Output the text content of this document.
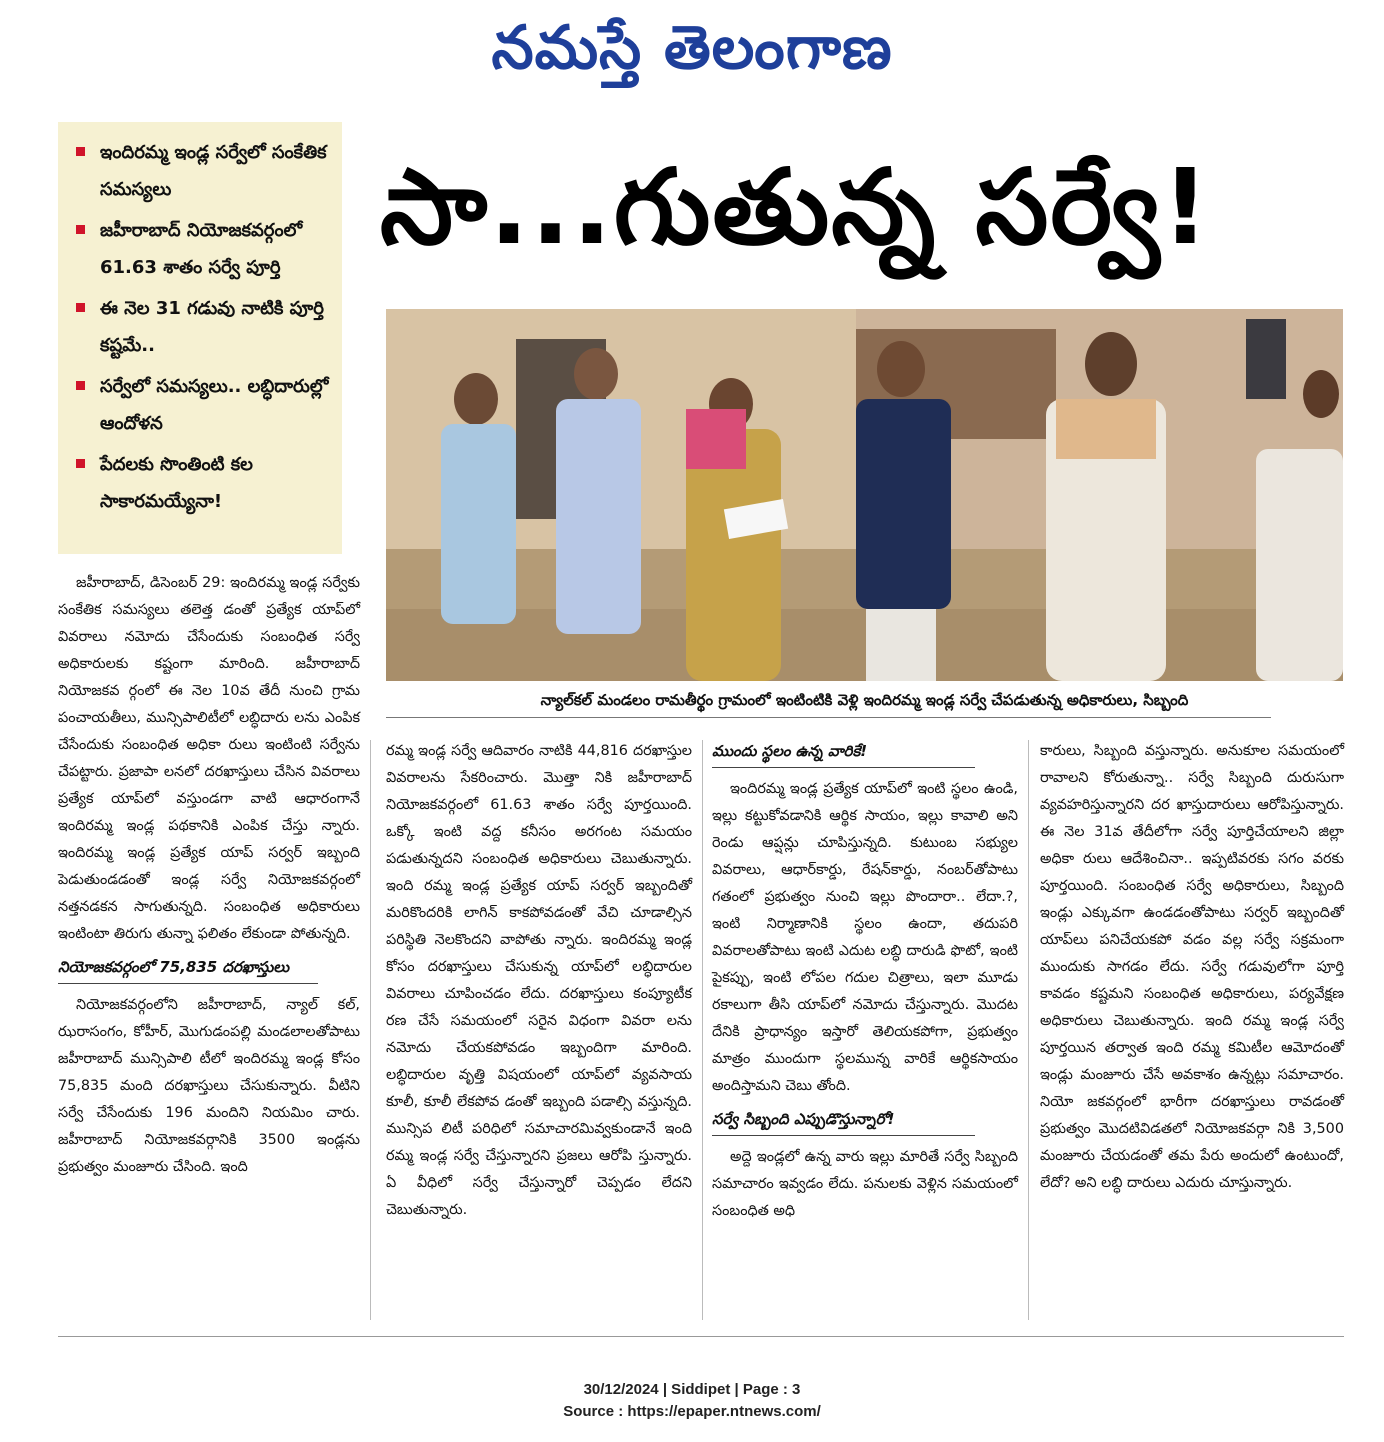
నమస్తే తెలంగాణ
ఇందిరమ్మ ఇండ్ల సర్వేలో సంకేతిక సమస్యలు
జహీరాబాద్ నియోజకవర్గంలో 61.63 శాతం సర్వే పూర్తి
ఈ నెల 31 గడువు నాటికి పూర్తి కష్టమే..
సర్వేలో సమస్యలు.. లబ్ధిదారుల్లో ఆందోళన
పేదలకు సొంతింటి కల సాకారమయ్యేనా!
సా...గుతున్న సర్వే!
న్యాల్‌కల్ మండలం రామతీర్థం గ్రామంలో ఇంటింటికి వెళ్లి ఇందిరమ్మ ఇండ్ల సర్వే చేపడుతున్న అధికారులు, సిబ్బంది

జహీరాబాద్, డిసెంబర్ 29: ఇందిరమ్మ ఇండ్ల సర్వేకు సంకేతిక సమస్యలు తలెత్త డంతో ప్రత్యేక యాప్‌లో వివరాలు నమోదు చేసేందుకు సంబంధిత సర్వే అధికారులకు కష్టంగా మారింది. జహీరాబాద్ నియోజకవ ర్గంలో ఈ నెల 10వ తేదీ నుంచి గ్రామ పంచాయతీలు, మున్సిపాలిటీలో లబ్ధిదారు లను ఎంపిక చేసేందుకు సంబంధిత అధికా రులు ఇంటింటి సర్వేను చేపట్టారు. ప్రజాపా లనలో దరఖాస్తులు చేసిన వివరాలు ప్రత్యేక యాప్‌లో వస్తుండగా వాటి ఆధారంగానే ఇందిరమ్మ ఇండ్ల పథకానికి ఎంపిక చేస్తు న్నారు. ఇందిరమ్మ ఇండ్ల ప్రత్యేక యాప్ సర్వర్ ఇబ్బంది పెడుతుండడంతో ఇండ్ల సర్వే నియోజకవర్గంలో నత్తనడకన సాగుతున్నది. సంబంధిత అధికారులు ఇంటింటా తిరుగు తున్నా ఫలితం లేకుండా పోతున్నది.

నియోజకవర్గంలో 75,835 దరఖాస్తులు

నియోజకవర్గంలోని జహీరాబాద్, న్యాల్ కల్, ఝరాసంగం, కోహీర్, మొగుడంపల్లి మండలాలతోపాటు జహీరాబాద్ మున్సిపాలి టీలో ఇందిరమ్మ ఇండ్ల కోసం 75,835 మంది దరఖాస్తులు చేసుకున్నారు. వీటిని సర్వే చేసేందుకు 196 మందిని నియమిం చారు. జహీరాబాద్ నియోజకవర్గానికి 3500 ఇండ్లను ప్రభుత్వం మంజూరు చేసింది. ఇంది

రమ్మ ఇండ్ల సర్వే ఆదివారం నాటికి 44,816 దరఖాస్తుల వివరాలను సేకరించారు. మొత్తా నికి జహీరాబాద్ నియోజకవర్గంలో 61.63 శాతం సర్వే పూర్తయింది. ఒక్కో ఇంటి వద్ద కనీసం అరగంట సమయం పడుతున్నదని సంబంధిత అధికారులు చెబుతున్నారు. ఇంది రమ్మ ఇండ్ల ప్రత్యేక యాప్ సర్వర్ ఇబ్బందితో మరికొందరికి లాగిన్ కాకపోవడంతో వేచి చూడాల్సిన పరిస్థితి నెలకొందని వాపోతు న్నారు. ఇందిరమ్మ ఇండ్ల కోసం దరఖాస్తులు చేసుకున్న యాప్‌లో లబ్ధిదారుల వివరాలు చూపించడం లేదు. దరఖాస్తులు కంప్యూటీక రణ చేసే సమయంలో సరైన విధంగా వివరా లను నమోదు చేయకపోవడం ఇబ్బందిగా మారింది. లబ్ధిదారుల వృత్తి విషయంలో యాప్‌లో వ్యవసాయ కూలీ, కూలీ లేకపోవ డంతో ఇబ్బంది పడాల్సి వస్తున్నది. మున్సిప లిటీ పరిధిలో సమాచారమివ్వకుండానే ఇంది రమ్మ ఇండ్ల సర్వే చేస్తున్నారని ప్రజలు ఆరోపి స్తున్నారు. ఏ వీధిలో సర్వే చేస్తున్నారో చెప్పడం లేదని చెబుతున్నారు.

ముందు స్థలం ఉన్న వారికే!

ఇందిరమ్మ ఇండ్ల ప్రత్యేక యాప్‌లో ఇంటి స్థలం ఉండి, ఇల్లు కట్టుకోవడానికి ఆర్థిక సాయం, ఇల్లు కావాలి అని రెండు ఆప్షన్లు చూపిస్తున్నది. కుటుంబ సభ్యుల వివరాలు, ఆధార్‌కార్డు, రేషన్‌కార్డు, నంబర్‌తోపాటు గతంలో ప్రభుత్వం నుంచి ఇల్లు పొందారా.. లేదా.?, ఇంటి నిర్మాణానికి స్థలం ఉందా, తదుపరి వివరాలతోపాటు ఇంటి ఎదుట లబ్ధి దారుడి ఫొటో, ఇంటి పైకప్పు, ఇంటి లోపల గదుల చిత్రాలు, ఇలా మూడు రకాలుగా తీసి యాప్‌లో నమోదు చేస్తున్నారు. మొదట దేనికి ప్రాధాన్యం ఇస్తారో తెలియకపోగా, ప్రభుత్వం మాత్రం ముందుగా స్థలమున్న వారికే ఆర్థికసాయం అందిస్తామని చెబు తోంది.

సర్వే సిబ్బంది ఎప్పుడొస్తున్నారో!

అద్దె ఇండ్లలో ఉన్న వారు ఇల్లు మారితే సర్వే సిబ్బంది సమాచారం ఇవ్వడం లేదు. పనులకు వెళ్లిన సమయంలో సంబంధిత అధి

కారులు, సిబ్బంది వస్తున్నారు. అనుకూల సమయంలో రావాలని కోరుతున్నా.. సర్వే సిబ్బంది దురుసుగా వ్యవహరిస్తున్నారని దర ఖాస్తుదారులు ఆరోపిస్తున్నారు. ఈ నెల 31వ తేదీలోగా సర్వే పూర్తిచేయాలని జిల్లా అధికా రులు ఆదేశించినా.. ఇప్పటివరకు సగం వరకు పూర్తయింది. సంబంధిత సర్వే అధికారులు, సిబ్బంది ఇండ్లు ఎక్కువగా ఉండడంతోపాటు సర్వర్ ఇబ్బందితో యాప్‌లు పనిచేయకపో వడం వల్ల సర్వే సక్రమంగా ముందుకు సాగడం లేదు. సర్వే గడువులోగా పూర్తి కావడం కష్టమని సంబంధిత అధికారులు, పర్యవేక్షణ అధికారులు చెబుతున్నారు. ఇంది రమ్మ ఇండ్ల సర్వే పూర్తయిన తర్వాత ఇంది రమ్మ కమిటీల ఆమోదంతో ఇండ్లు మంజూరు చేసే అవకాశం ఉన్నట్లు సమాచారం. నియో జకవర్గంలో భారీగా దరఖాస్తులు రావడంతో ప్రభుత్వం మొదటివిడతలో నియోజకవర్గా నికి 3,500 మంజూరు చేయడంతో తమ పేరు అందులో ఉంటుందో, లేదో? అని లబ్ధి దారులు ఎదురు చూస్తున్నారు.

30/12/2024 | Siddipet | Page : 3
Source : https://epaper.ntnews.com/
